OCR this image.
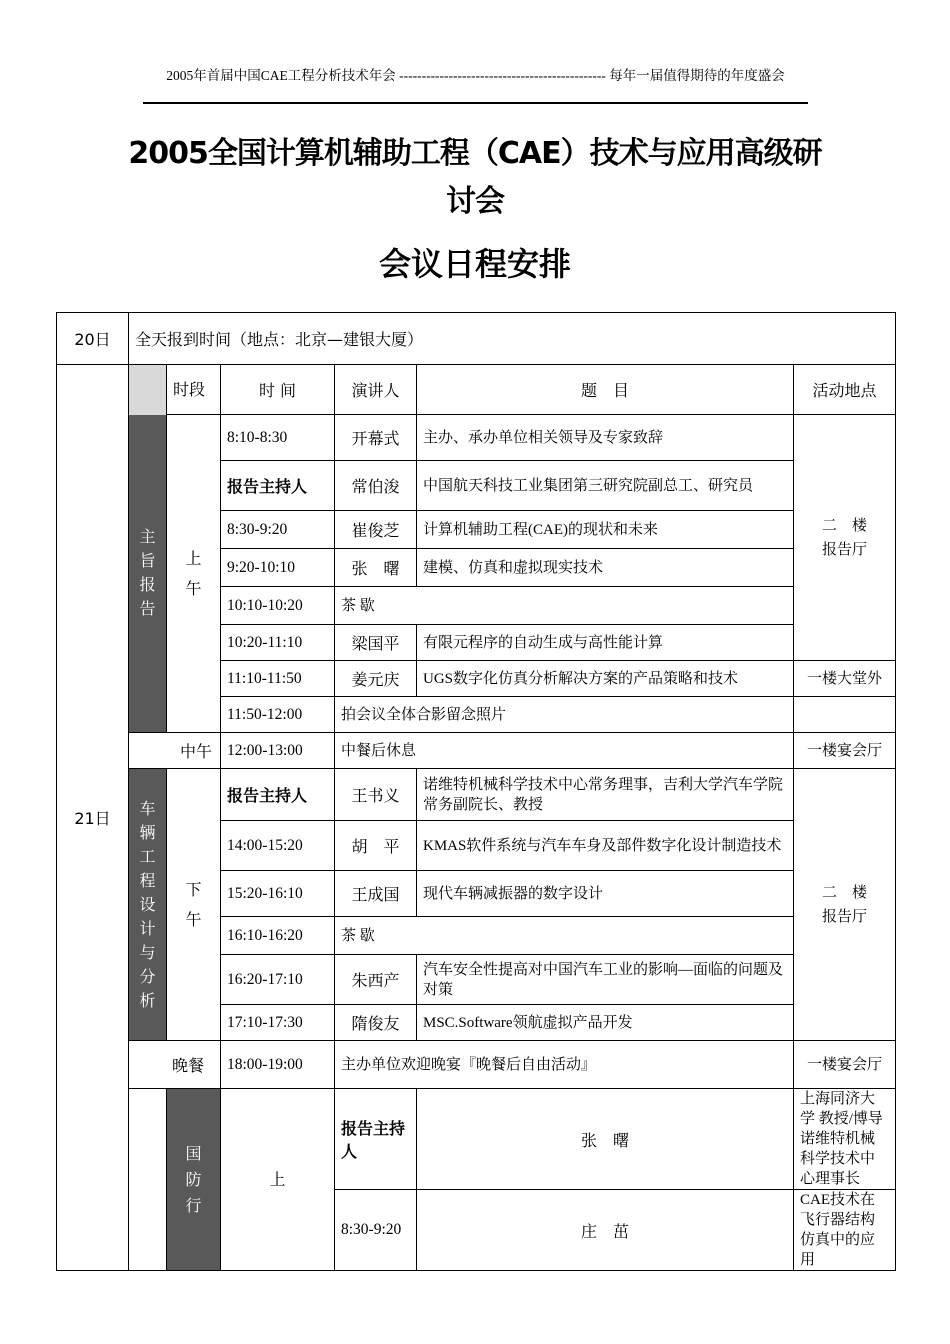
2005年首届中国CAE工程分析技术年会 ---------------------------------------------- 每年一届值得期待的年度盛会
2005全国计算机辅助工程（CAE）技术与应用高级研讨会
会议日程安排
20日	全天报到时间（地点：北京—建银大厦）						
21日		时段	时 间	演讲人	题　目	活动地点	

	主旨报告	上午	8:10-8:30	开幕式	主办、承办单位相关领导及专家致辞	二　楼 报告厅	

			报告主持人	常伯浚	中国航天科技工业集团第三研究院副总工、研究员		
			8:30-9:20	崔俊芝	计算机辅助工程(CAE)的现状和未来		
			9:20-10:10	张　曙	建模、仿真和虚拟现实技术		
			10:10-10:20	茶 歇			
			10:20-11:10	梁国平	有限元程序的自动生成与高性能计算		
			11:10-11:50	姜元庆	UGS数字化仿真分析解决方案的产品策略和技术	一楼大堂外	
			11:50-12:00	拍会议全体合影留念照片			
	中午		12:00-13:00	中餐后休息		一楼宴会厅	

	车辆工程设计与分析	下午	报告主持人	王书义	诺维特机械科学技术中心常务理事，吉利大学汽车学院常务副院长、教授	二　楼 报告厅	

			14:00-15:20	胡　平	KMAS软件系统与汽车车身及部件数字化设计制造技术		
			15:20-16:10	王成国	现代车辆减振器的数字设计		
			16:10-16:20	茶 歇			
			16:20-17:10	朱西产	汽车安全性提高对中国汽车工业的影响—面临的问题及对策		
			17:10-17:30	隋俊友	MSC.Software领航虚拟产品开发		
	晚餐		18:00-19:00	主办单位欢迎晚宴『晚餐后自由活动』		一楼宴会厅	

		国防行	上	报告主持人	张　曙	上海同济大学 教授/博导
诺维特机械科学技术中心理事长

				8:30-9:20	庄　茁	CAE技术在飞行器结构仿真中的应用	
